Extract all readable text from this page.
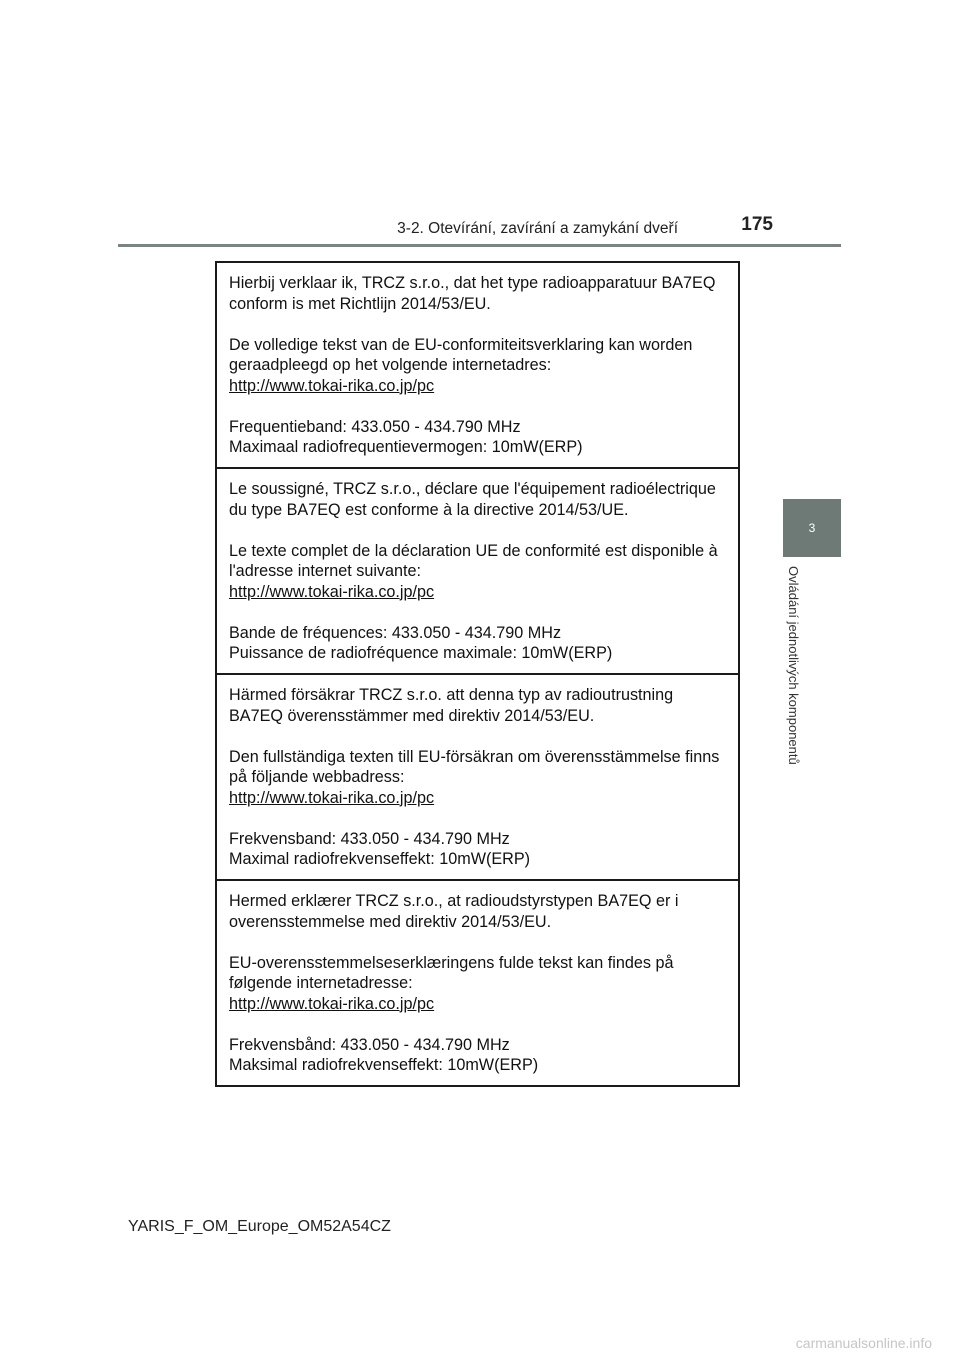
3-2. Otevírání, zavírání a zamykání dveří	175
3
Ovládání jednotlivých komponentů

Hierbij verklaar ik, TRCZ s.r.o., dat het type radioapparatuur BA7EQ conform is met Richtlijn 2014/53/EU.

De volledige tekst van de EU-conformiteitsverklaring kan worden geraadpleegd op het volgende internetadres:
http://www.tokai-rika.co.jp/pc

Frequentieband: 433.050 - 434.790 MHz
Maximaal radiofrequentievermogen: 10mW(ERP)

Le soussigné, TRCZ s.r.o., déclare que l'équipement radioélectrique du type BA7EQ est conforme à la directive 2014/53/UE.

Le texte complet de la déclaration UE de conformité est disponible à l'adresse internet suivante:
http://www.tokai-rika.co.jp/pc

Bande de fréquences: 433.050 - 434.790 MHz
Puissance de radiofréquence maximale: 10mW(ERP)

Härmed försäkrar TRCZ s.r.o. att denna typ av radioutrustning BA7EQ överensstämmer med direktiv 2014/53/EU.

Den fullständiga texten till EU-försäkran om överensstämmelse finns på följande webbadress:
http://www.tokai-rika.co.jp/pc

Frekvensband: 433.050 - 434.790 MHz
Maximal radiofrekvenseffekt: 10mW(ERP)

Hermed erklærer TRCZ s.r.o., at radioudstyrstypen BA7EQ er i overensstemmelse med direktiv 2014/53/EU.

EU-overensstemmelseserklæringens fulde tekst kan findes på følgende internetadresse:
http://www.tokai-rika.co.jp/pc

Frekvensbånd: 433.050 - 434.790 MHz
Maksimal radiofrekvenseffekt: 10mW(ERP)

YARIS_F_OM_Europe_OM52A54CZ
carmanualsonline.info
